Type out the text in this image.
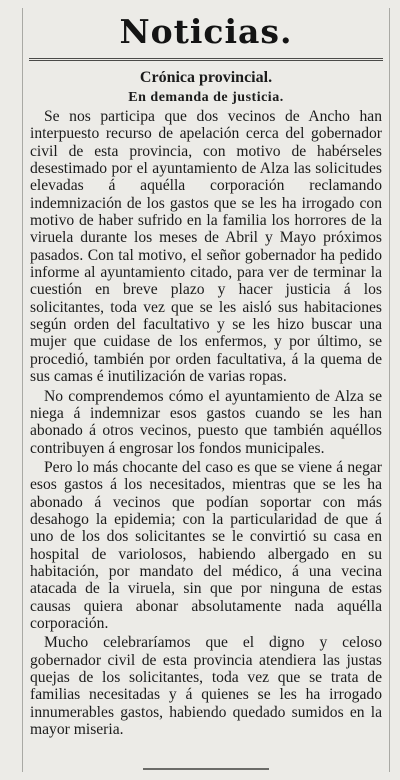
Noticias.
Crónica provincial.
En demanda de justicia.

Se nos participa que dos vecinos de Ancho han interpuesto recurso de apelación cerca del gobernador civil de esta provincia, con motivo de habérseles desestimado por el ayuntamiento de Alza las solicitudes elevadas á aquélla corporación reclamando indemnización de los gastos que se les ha irrogado con motivo de haber sufrido en la familia los horrores de la viruela durante los meses de Abril y Mayo próximos pasados. Con tal motivo, el señor gobernador ha pedido informe al ayuntamiento citado, para ver de terminar la cuestión en breve plazo y hacer justicia á los solicitantes, toda vez que se les aisló sus habitaciones según orden del facultativo y se les hizo buscar una mujer que cuidase de los enfermos, y por último, se procedió, también por orden facultativa, á la quema de sus camas é inutilización de varias ropas.

No comprendemos cómo el ayuntamiento de Alza se niega á indemnizar esos gastos cuando se les han abonado á otros vecinos, puesto que también aquéllos contribuyen á engrosar los fondos municipales.

Pero lo más chocante del caso es que se viene á negar esos gastos á los necesitados, mientras que se les ha abonado á vecinos que podían soportar con más desahogo la epidemia; con la particularidad de que á uno de los dos solicitantes se le convirtió su casa en hospital de variolosos, habiendo albergado en su habitación, por mandato del médico, á una vecina atacada de la viruela, sin que por ninguna de estas causas quiera abonar absolutamente nada aquélla corporación.

Mucho celebraríamos que el digno y celoso gobernador civil de esta provincia atendiera las justas quejas de los solicitantes, toda vez que se trata de familias necesitadas y á quienes se les ha irrogado innumerables gastos, habiendo quedado sumidos en la mayor miseria.
